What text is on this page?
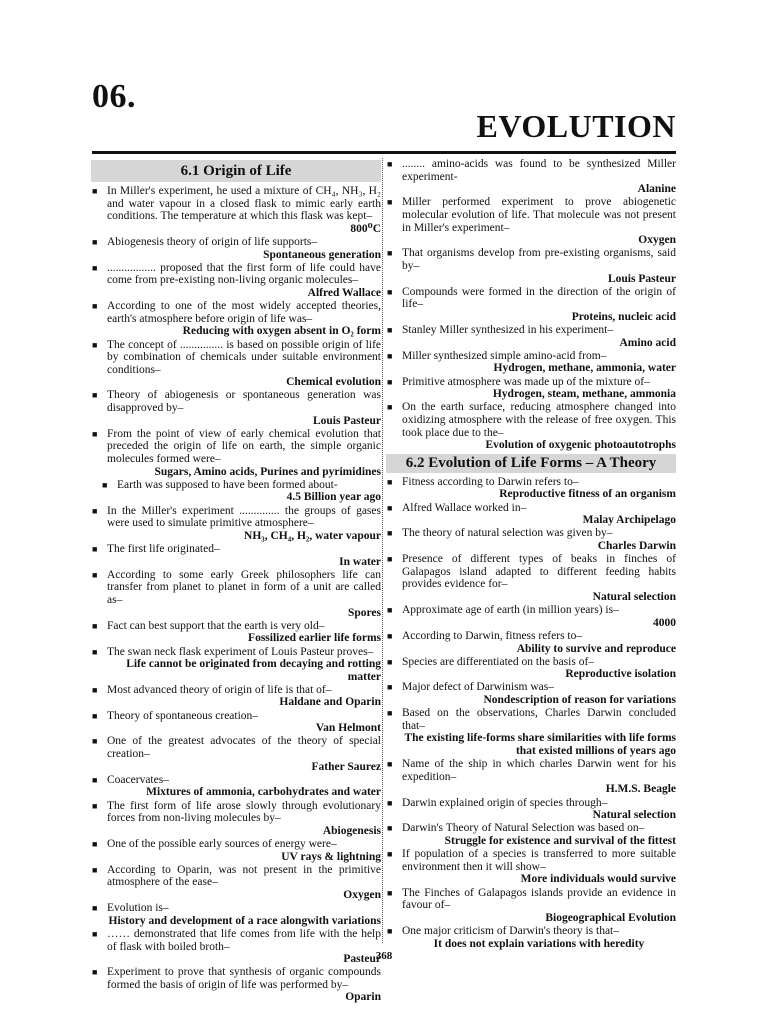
06.
EVOLUTION
6.1 Origin of Life
■ In Miller's experiment, he used a mixture of CH₄, NH₃, H₂ and water vapour in a closed flask to mimic early earth conditions. The temperature at which this flask was kept–
800⁰C
■ Abiogenesis theory of origin of life supports–
Spontaneous generation
■ ................. proposed that the first form of life could have come from pre-existing non-living organic molecules–
Alfred Wallace
■ According to one of the most widely accepted theories, earth's atmosphere before origin of life was–
Reducing with oxygen absent in O₂ form
■ The concept of ............... is based on possible origin of life by combination of chemicals under suitable environment conditions–
Chemical evolution
■ Theory of abiogenesis or spontaneous generation was disapproved by–
Louis Pasteur
■ From the point of view of early chemical evolution that preceded the origin of life on earth, the simple organic molecules formed were–
Sugars, Amino acids, Purines and pyrimidines
■ Earth was supposed to have been formed about-
4.5 Billion year ago
■ In the Miller's experiment .............. the groups of gases were used to simulate primitive atmosphere–
NH₃, CH₄, H₂, water vapour
■ The first life originated–
In water
■ According to some early Greek philosophers life can transfer from planet to planet in form of a unit are called as–
Spores
■ Fact can best support that the earth is very old–
Fossilized earlier life forms
■ The swan neck flask experiment of Louis Pasteur proves–
Life cannot be originated from decaying and rotting matter
■ Most advanced theory of origin of life is that of–
Haldane and Oparin
■ Theory of spontaneous creation–
Van Helmont
■ One of the greatest advocates of the theory of special creation–
Father Saurez
■ Coacervates–
Mixtures of ammonia, carbohydrates and water
■ The first form of life arose slowly through evolutionary forces from non-living molecules by–
Abiogenesis
■ One of the possible early sources of energy were–
UV rays & lightning
■ According to Oparin, was not present in the primitive atmosphere of the ease–
Oxygen
■ Evolution is–
History and development of a race alongwith variations
■ …… demonstrated that life comes from life with the help of flask with boiled broth–
Pasteur
■ Experiment to prove that synthesis of organic compounds formed the basis of origin of life was performed by–
Oparin
■ ........ amino-acids was found to be synthesized Miller experiment-
Alanine
■ Miller performed experiment to prove abiogenetic molecular evolution of life. That molecule was not present in Miller's experiment–
Oxygen
■ That organisms develop from pre-existing organisms, said by–
Louis Pasteur
■ Compounds were formed in the direction of the origin of life–
Proteins, nucleic acid
■ Stanley Miller synthesized in his experiment–
Amino acid
■ Miller synthesized simple amino-acid from–
Hydrogen, methane, ammonia, water
■ Primitive atmosphere was made up of the mixture of–
Hydrogen, steam, methane, ammonia
■ On the earth surface, reducing atmosphere changed into oxidizing atmosphere with the release of free oxygen. This took place due to the–
Evolution of oxygenic photoautotrophs
6.2 Evolution of Life Forms – A Theory
■ Fitness according to Darwin refers to–
Reproductive fitness of an organism
■ Alfred Wallace worked in–
Malay Archipelago
■ The theory of natural selection was given by–
Charles Darwin
■ Presence of different types of beaks in finches of Galapagos island adapted to different feeding habits provides evidence for–
Natural selection
■ Approximate age of earth (in million years) is–
4000
■ According to Darwin, fitness refers to–
Ability to survive and reproduce
■ Species are differentiated on the basis of–
Reproductive isolation
■ Major defect of Darwinism was–
Nondescription of reason for variations
■ Based on the observations, Charles Darwin concluded that–
The existing life-forms share similarities with life forms that existed millions of years ago
■ Name of the ship in which charles Darwin went for his expedition–
H.M.S. Beagle
■ Darwin explained origin of species through–
Natural selection
■ Darwin's Theory of Natural Selection was based on–
Struggle for existence and survival of the fittest
■ If population of a species is transferred to more suitable environment then it will show–
More individuals would survive
■ The Finches of Galapagos islands provide an evidence in favour of–
Biogeographical Evolution
■ One major criticism of Darwin's theory is that–
It does not explain variations with heredity
368
